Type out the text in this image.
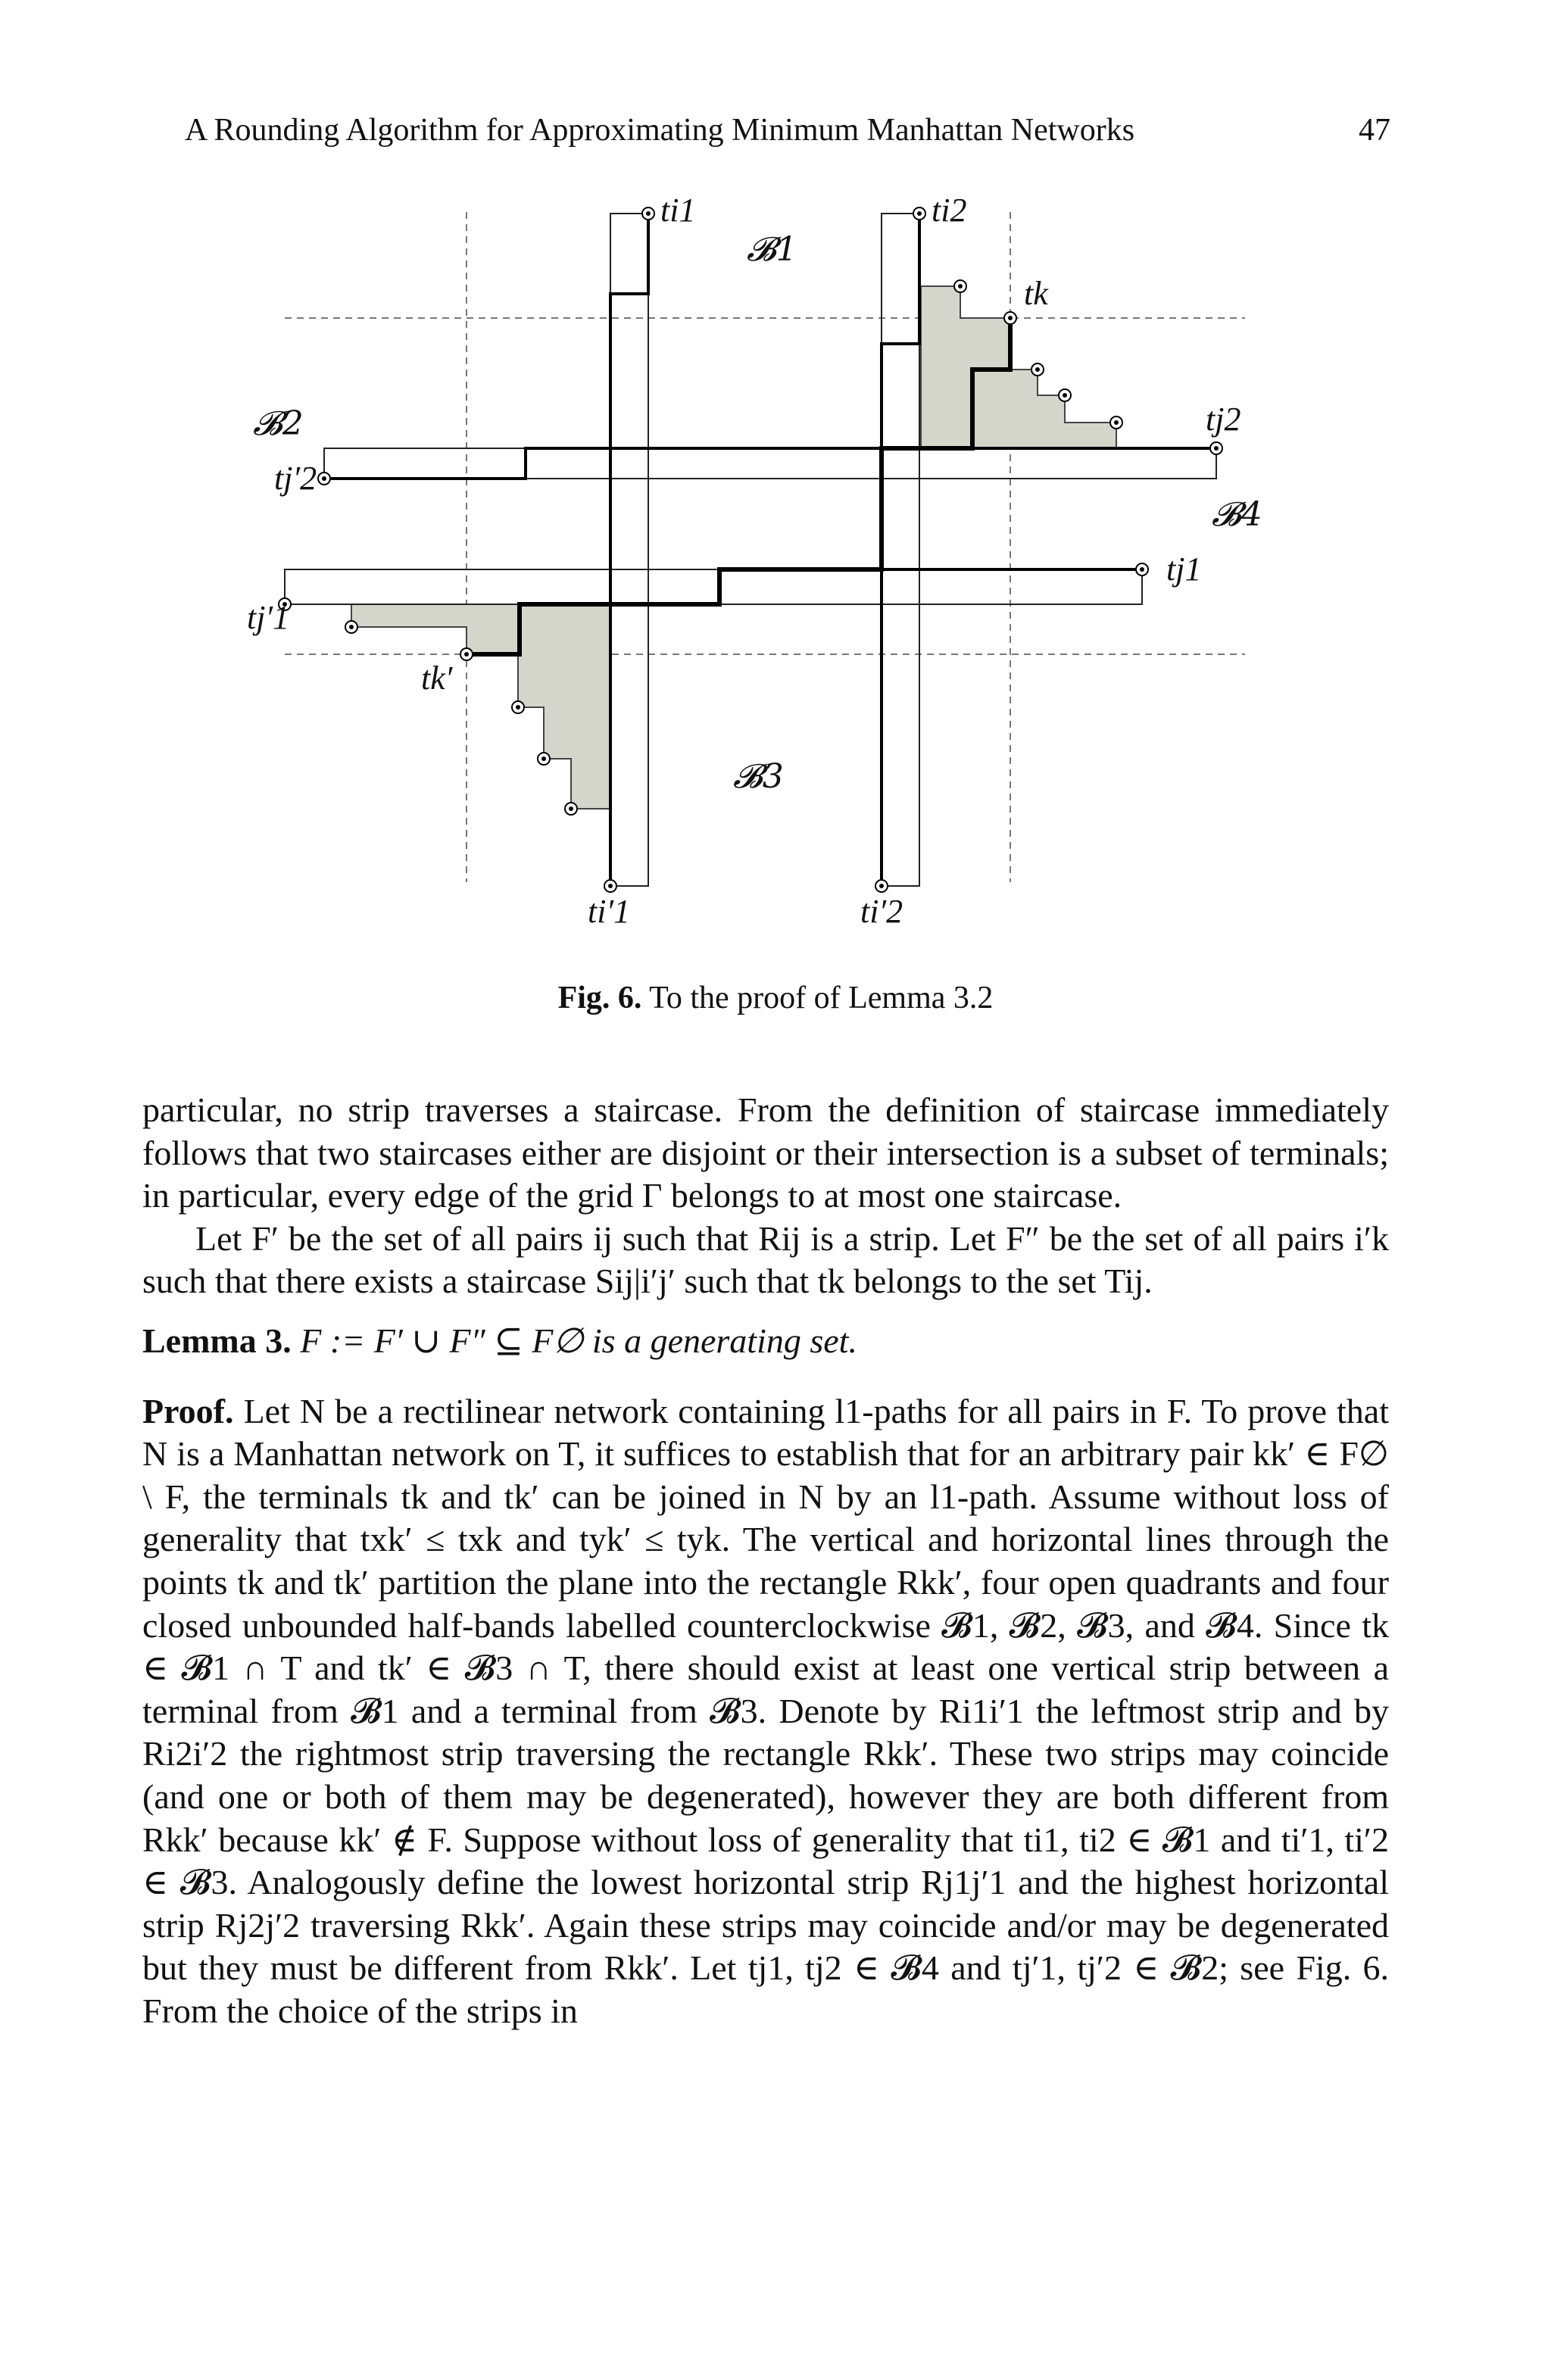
A Rounding Algorithm for Approximating Minimum Manhattan Networks	47
𝓑1
𝓑2
𝓑3
𝓑4
ti1	ti2
tk
tj2
tj′2
tj1
tj′1
tk′
ti′1	ti′2
Fig. 6. To the proof of Lemma 3.2

particular, no strip traverses a staircase. From the definition of staircase immediately follows that two staircases either are disjoint or their intersection is a subset of terminals; in particular, every edge of the grid Γ belongs to at most one staircase.

Let F′ be the set of all pairs ij such that Rij is a strip. Let F″ be the set of all pairs i′k such that there exists a staircase Sij|i′j′ such that tk belongs to the set Tij.

Lemma 3. F := F′ ∪ F″ ⊆ F∅ is a generating set.

Proof. Let N be a rectilinear network containing l1-paths for all pairs in F. To prove that N is a Manhattan network on T, it suffices to establish that for an arbitrary pair kk′ ∈ F∅ \ F, the terminals tk and tk′ can be joined in N by an l1-path. Assume without loss of generality that txk′ ≤ txk and tyk′ ≤ tyk. The vertical and horizontal lines through the points tk and tk′ partition the plane into the rectangle Rkk′, four open quadrants and four closed unbounded half-bands labelled counterclockwise 𝓑1, 𝓑2, 𝓑3, and 𝓑4. Since tk ∈ 𝓑1 ∩ T and tk′ ∈ 𝓑3 ∩ T, there should exist at least one vertical strip between a terminal from 𝓑1 and a terminal from 𝓑3. Denote by Ri1i′1 the leftmost strip and by Ri2i′2 the rightmost strip traversing the rectangle Rkk′. These two strips may coincide (and one or both of them may be degenerated), however they are both different from Rkk′ because kk′ ∉ F. Suppose without loss of generality that ti1, ti2 ∈ 𝓑1 and ti′1, ti′2 ∈ 𝓑3. Analogously define the lowest horizontal strip Rj1j′1 and the highest horizontal strip Rj2j′2 traversing Rkk′. Again these strips may coincide and/or may be degenerated but they must be different from Rkk′. Let tj1, tj2 ∈ 𝓑4 and tj′1, tj′2 ∈ 𝓑2; see Fig. 6. From the choice of the strips in
